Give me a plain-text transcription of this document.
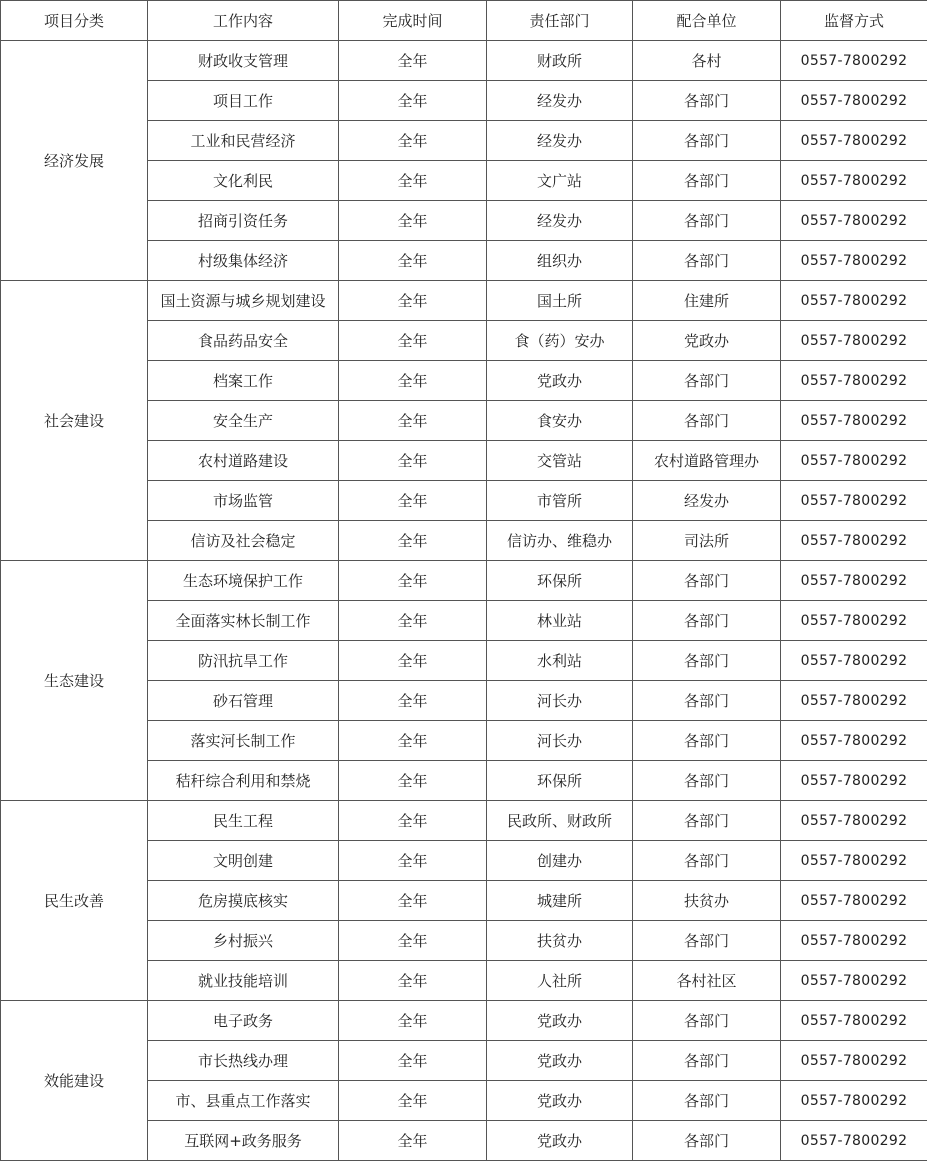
项目分类	工作内容	完成时间	责任部门	配合单位	监督方式
经济发展	财政收支管理	全年	财政所	各村	0557-7800292
	项目工作	全年	经发办	各部门	0557-7800292
	工业和民营经济	全年	经发办	各部门	0557-7800292
	文化利民	全年	文广站	各部门	0557-7800292
	招商引资任务	全年	经发办	各部门	0557-7800292
	村级集体经济	全年	组织办	各部门	0557-7800292
社会建设	国土资源与城乡规划建设	全年	国土所	住建所	0557-7800292
	食品药品安全	全年	食（药）安办	党政办	0557-7800292
	档案工作	全年	党政办	各部门	0557-7800292
	安全生产	全年	食安办	各部门	0557-7800292
	农村道路建设	全年	交管站	农村道路管理办	0557-7800292
	市场监管	全年	市管所	经发办	0557-7800292
	信访及社会稳定	全年	信访办、维稳办	司法所	0557-7800292
生态建设	生态环境保护工作	全年	环保所	各部门	0557-7800292
	全面落实林长制工作	全年	林业站	各部门	0557-7800292
	防汛抗旱工作	全年	水利站	各部门	0557-7800292
	砂石管理	全年	河长办	各部门	0557-7800292
	落实河长制工作	全年	河长办	各部门	0557-7800292
	秸秆综合利用和禁烧	全年	环保所	各部门	0557-7800292
民生改善	民生工程	全年	民政所、财政所	各部门	0557-7800292
	文明创建	全年	创建办	各部门	0557-7800292
	危房摸底核实	全年	城建所	扶贫办	0557-7800292
	乡村振兴	全年	扶贫办	各部门	0557-7800292
	就业技能培训	全年	人社所	各村社区	0557-7800292
效能建设	电子政务	全年	党政办	各部门	0557-7800292
	市长热线办理	全年	党政办	各部门	0557-7800292
	市、县重点工作落实	全年	党政办	各部门	0557-7800292
	互联网+政务服务	全年	党政办	各部门	0557-7800292
